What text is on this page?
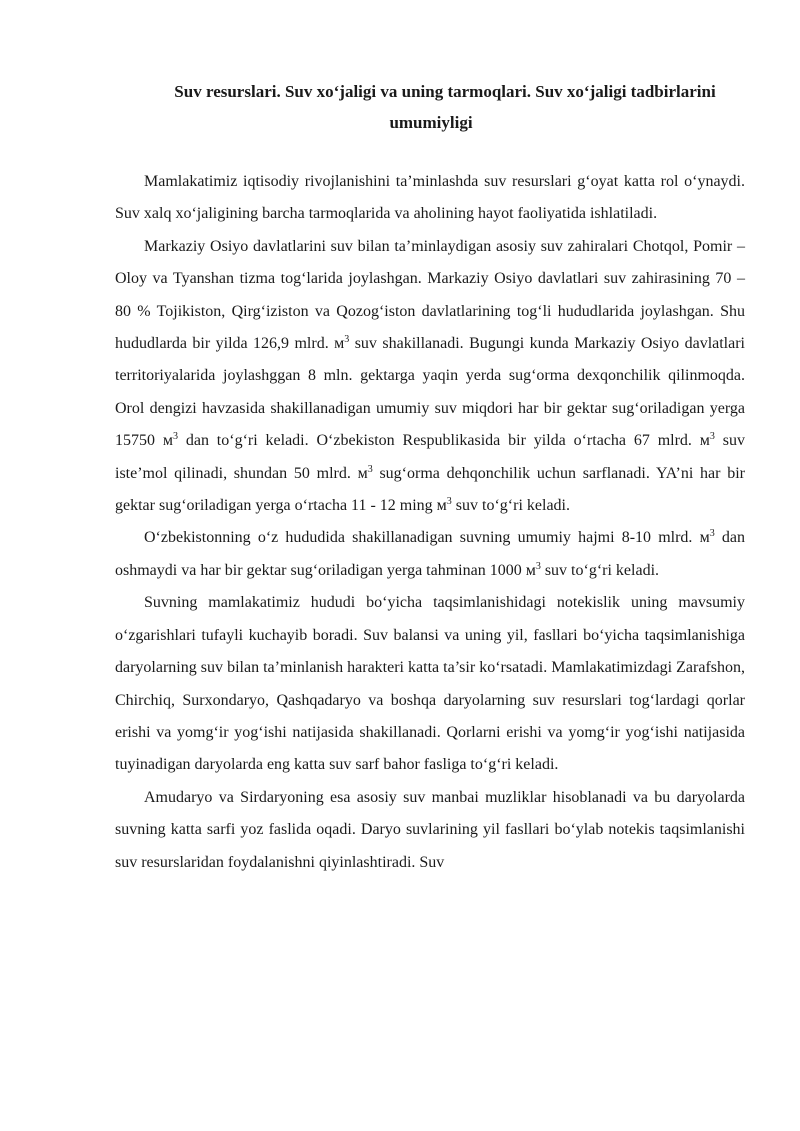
Suv resurslari. Suv xo‘jaligi va uning tarmoqlari. Suv xo‘jaligi tadbirlarini umumiyligi

Mamlakatimiz iqtisodiy rivojlanishini ta’minlashda suv resurslari g‘oyat katta rol o‘ynaydi. Suv xalq xo‘jaligining barcha tarmoqlarida va aholining hayot faoliyatida ishlatiladi.

Markaziy Osiyo davlatlarini suv bilan ta’minlaydigan asosiy suv zahiralari Chotqol, Pomir – Oloy va Tyanshan tizma tog‘larida joylashgan. Markaziy Osiyo davlatlari suv zahirasining 70 – 80 % Tojikiston, Qirg‘iziston va Qozog‘iston davlatlarining tog‘li hududlarida joylashgan. Shu hududlarda bir yilda 126,9 mlrd. $м^3$ suv shakillanadi. Bugungi kunda Markaziy Osiyo davlatlari territoriyalarida joylashggan 8 mln. gektarga yaqin yerda sug‘orma dexqonchilik qilinmoqda. Orol dengizi havzasida shakillanadigan umumiy suv miqdori har bir gektar sug‘oriladigan yerga 15750 $м^3$ dan to‘g‘ri keladi. O‘zbekiston Respublikasida bir yilda o‘rtacha 67 mlrd. $м^3$ suv iste’mol qilinadi, shundan 50 mlrd. $м^3$ sug‘orma dehqonchilik uchun sarflanadi. YA’ni har bir gektar sug‘oriladigan yerga o‘rtacha 11 - 12 ming $м^3$ suv to‘g‘ri keladi.

O‘zbekistonning o‘z hududida shakillanadigan suvning umumiy hajmi 8-10 mlrd. $м^3$ dan oshmaydi va har bir gektar sug‘oriladigan yerga tahminan 1000 $м^3$ suv to‘g‘ri keladi.

Suvning mamlakatimiz hududi bo‘yicha taqsimlanishidagi notekislik uning mavsumiy o‘zgarishlari tufayli kuchayib boradi. Suv balansi va uning yil, fasllari bo‘yicha taqsimlanishiga daryolarning suv bilan ta’minlanish harakteri katta ta’sir ko‘rsatadi. Mamlakatimizdagi Zarafshon, Chirchiq, Surxondaryo, Qashqadaryo va boshqa daryolarning suv resurslari tog‘lardagi qorlar erishi va yomg‘ir yog‘ishi natijasida shakillanadi. Qorlarni erishi va yomg‘ir yog‘ishi natijasida tuyinadigan daryolarda eng katta suv sarf bahor fasliga to‘g‘ri keladi.

Amudaryo va Sirdaryoning esa asosiy suv manbai muzliklar hisoblanadi va bu daryolarda suvning katta sarfi yoz faslida oqadi. Daryo suvlarining yil fasllari bo‘ylab notekis taqsimlanishi suv resurslaridan foydalanishni qiyinlashtiradi. Suv
